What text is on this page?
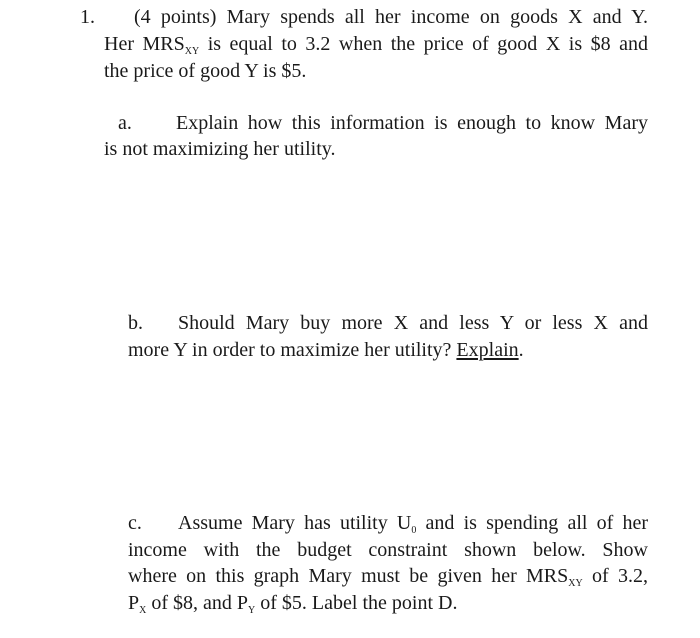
1. (4 points) Mary spends all her income on goods X and Y.
Her $MRS_{XY}$ is equal to 3.2 when the price of good X is $8 and
the price of good Y is $5.
a. Explain how this information is enough to know Mary
is not maximizing her utility.
b. Should Mary buy more X and less Y or less X and
more Y in order to maximize her utility? Explain.
c. Assume Mary has utility $U_0$ and is spending all of her
income with the budget constraint shown below. Show
where on this graph Mary must be given her $MRS_{XY}$ of 3.2,
$P_X$ of $8, and $P_Y$ of $5. Label the point D.
